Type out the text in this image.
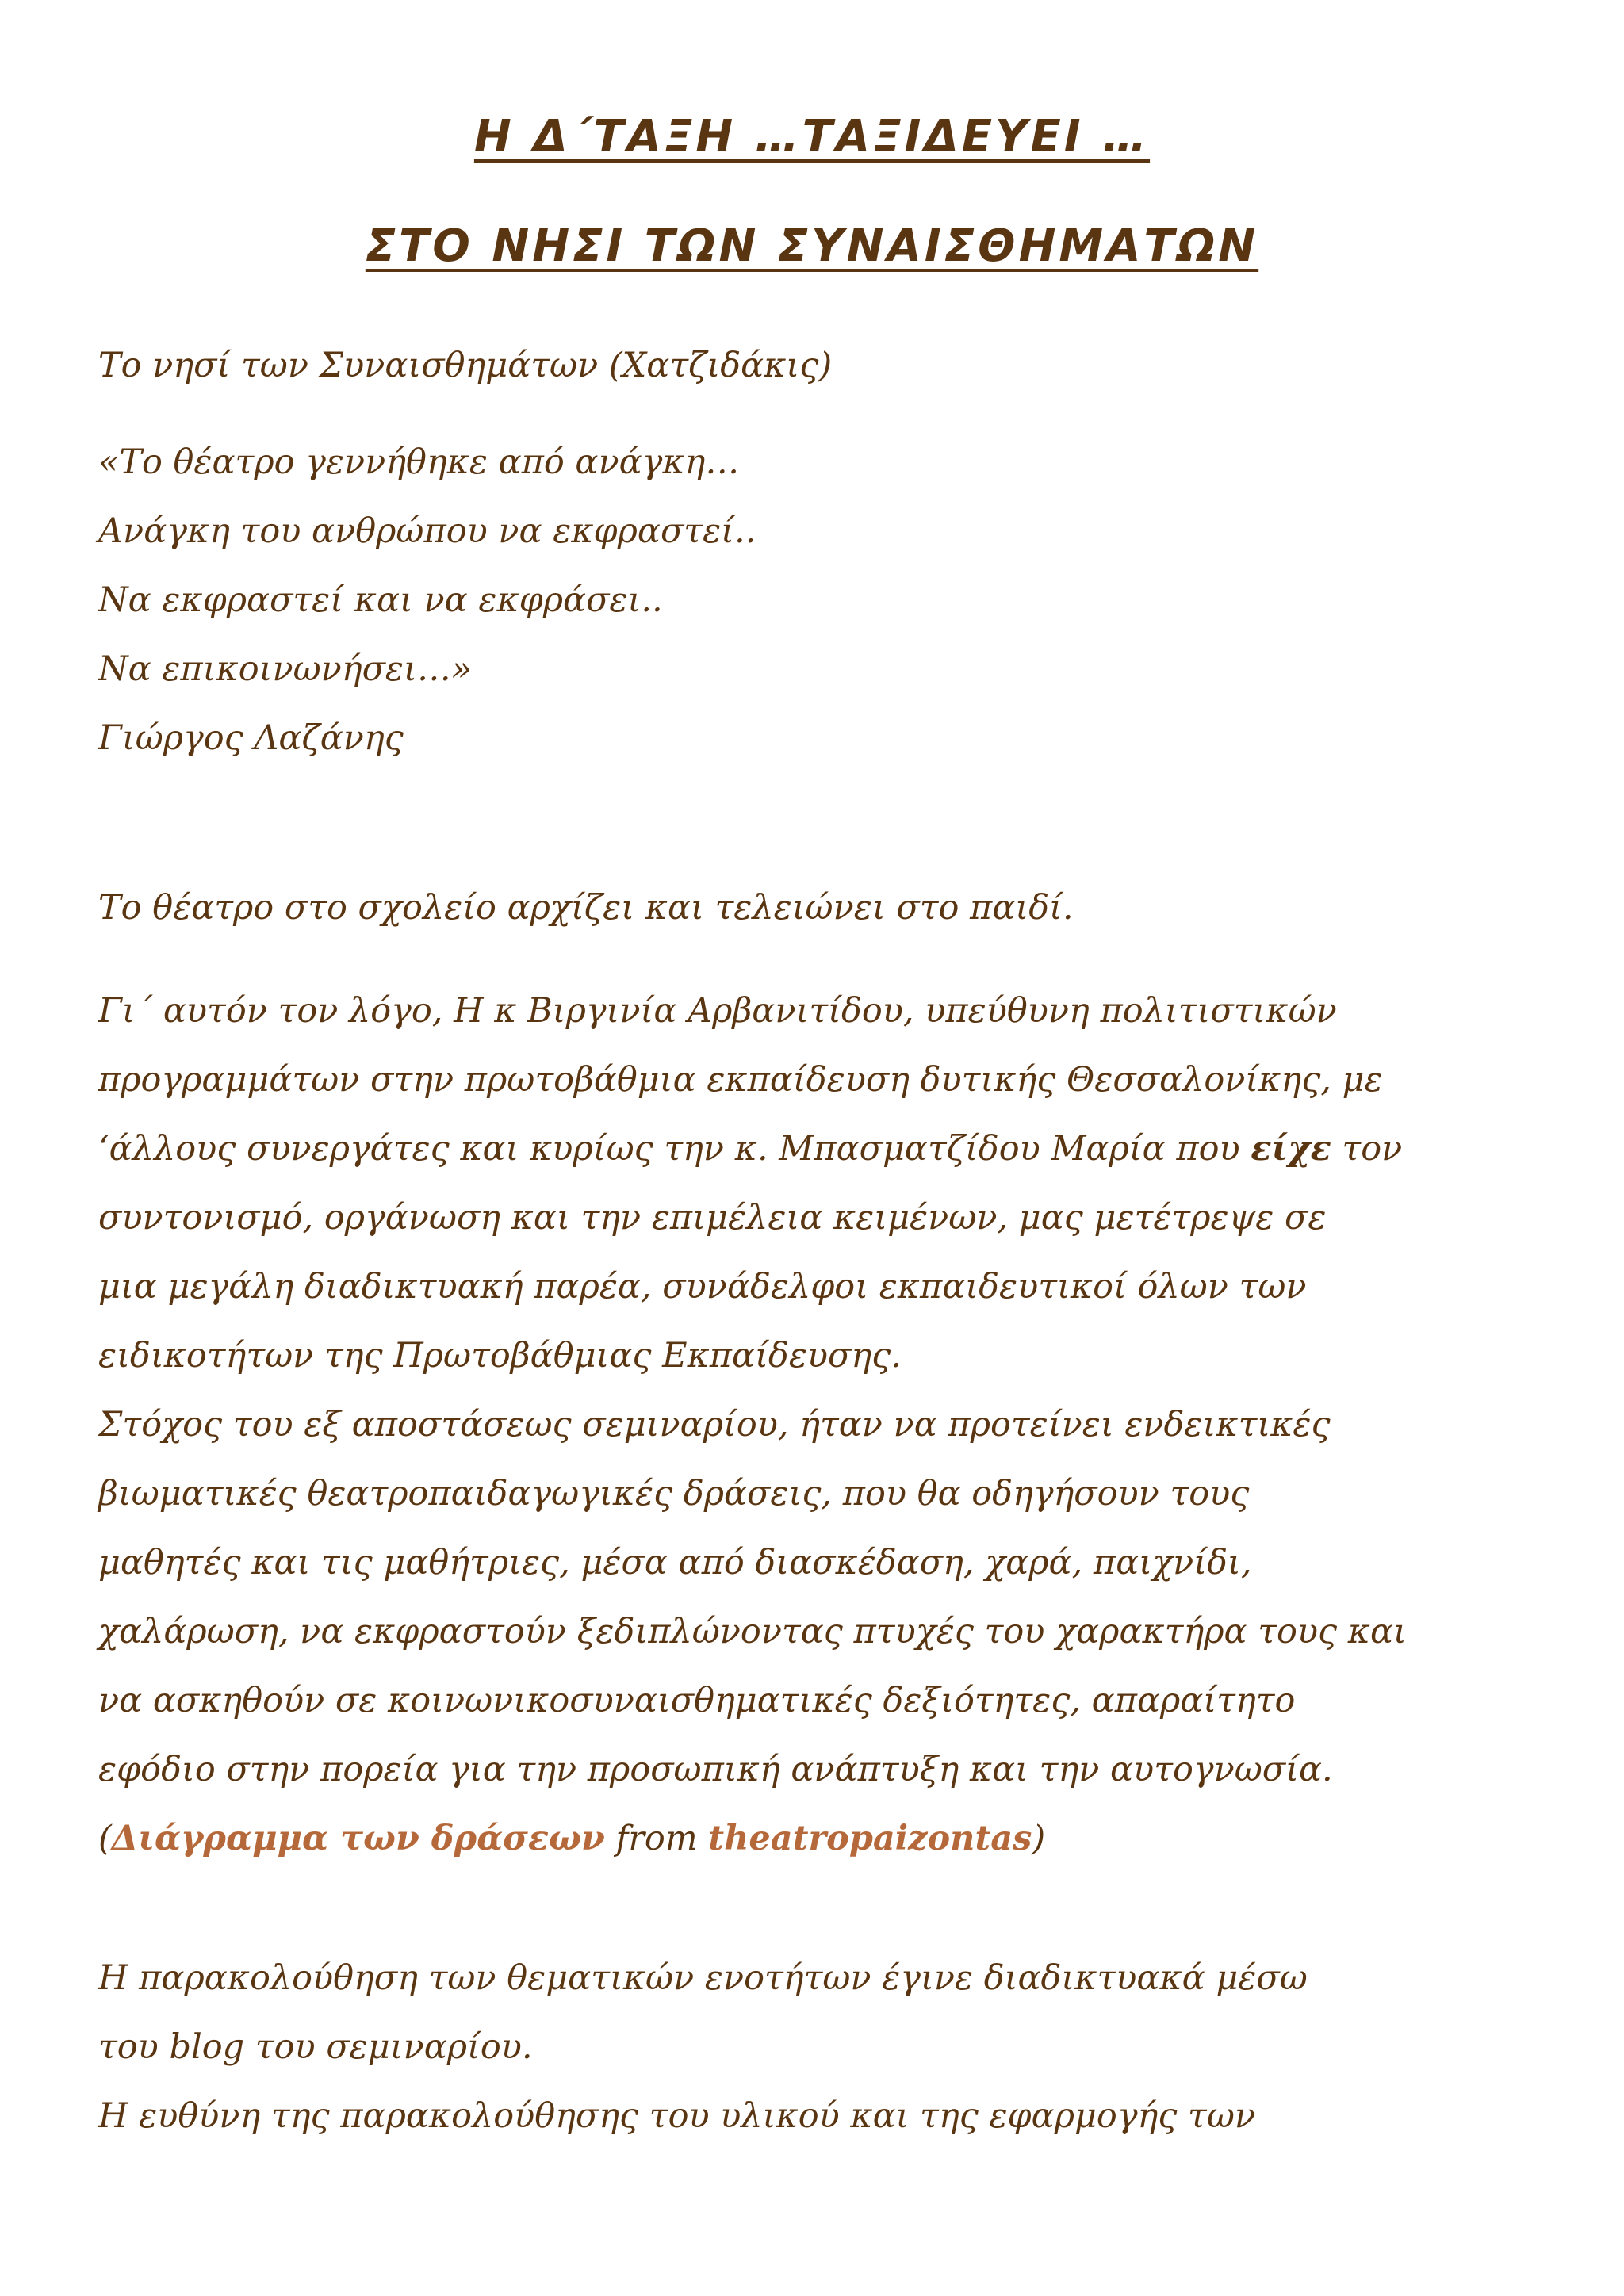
Η Δ΄ΤΑΞΗ …ΤΑΞΙΔΕΥΕΙ …
ΣΤΟ ΝΗΣΙ ΤΩΝ ΣΥΝΑΙΣΘΗΜΑΤΩΝ
Το νησί των Συναισθημάτων (Χατζιδάκις)
«Το θέατρο γεννήθηκε από ανάγκη…
Ανάγκη του ανθρώπου να εκφραστεί..
Να εκφραστεί και να εκφράσει..
Να επικοινωνήσει…»
Γιώργος Λαζάνης
Το θέατρο στο σχολείο αρχίζει και τελειώνει στο παιδί.
Γι΄ αυτόν τον λόγο, Η κ Βιργινία Αρβανιτίδου, υπεύθυνη πολιτιστικών
προγραμμάτων στην πρωτοβάθμια εκπαίδευση δυτικής Θεσσαλονίκης, με
‘άλλους συνεργάτες και κυρίως την κ. Μπασματζίδου Μαρία που είχε τον
συντονισμό, οργάνωση και την επιμέλεια κειμένων, μας μετέτρεψε σε
μια μεγάλη διαδικτυακή παρέα, συνάδελφοι εκπαιδευτικοί όλων των
ειδικοτήτων της Πρωτοβάθμιας Εκπαίδευσης.
Στόχος του εξ αποστάσεως σεμιναρίου, ήταν να προτείνει ενδεικτικές
βιωματικές θεατροπαιδαγωγικές δράσεις, που θα οδηγήσουν τους
μαθητές και τις μαθήτριες, μέσα από διασκέδαση, χαρά, παιχνίδι,
χαλάρωση, να εκφραστούν ξεδιπλώνοντας πτυχές του χαρακτήρα τους και
να ασκηθούν σε κοινωνικοσυναισθηματικές δεξιότητες, απαραίτητο
εφόδιο στην πορεία για την προσωπική ανάπτυξη και την αυτογνωσία.
(Διάγραμμα των δράσεων from theatropaizontas)
Η παρακολούθηση των θεματικών ενοτήτων έγινε διαδικτυακά μέσω
του blog του σεμιναρίου.
Η ευθύνη της παρακολούθησης του υλικού και της εφαρμογής των
